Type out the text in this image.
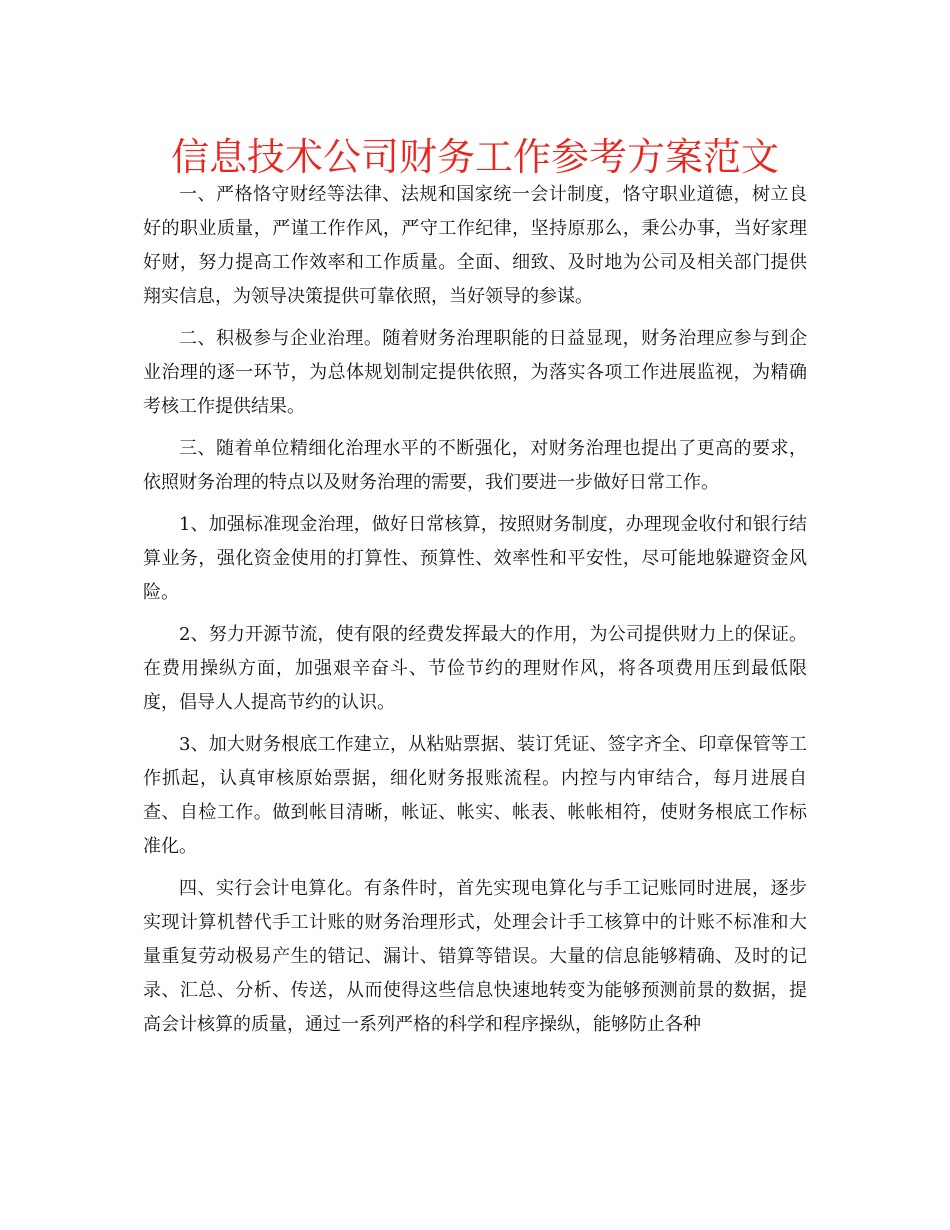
信息技术公司财务工作参考方案范文

一、严格恪守财经等法律、法规和国家统一会计制度，恪守职业道德，树立良好的职业质量，严谨工作作风，严守工作纪律，坚持原那么，秉公办事，当好家理好财，努力提高工作效率和工作质量。全面、细致、及时地为公司及相关部门提供翔实信息，为领导决策提供可靠依照，当好领导的参谋。

二、积极参与企业治理。随着财务治理职能的日益显现，财务治理应参与到企业治理的逐一环节，为总体规划制定提供依照，为落实各项工作进展监视，为精确考核工作提供结果。

三、随着单位精细化治理水平的不断强化，对财务治理也提出了更高的要求，依照财务治理的特点以及财务治理的需要，我们要进一步做好日常工作。

1、加强标准现金治理，做好日常核算，按照财务制度，办理现金收付和银行结算业务，强化资金使用的打算性、预算性、效率性和平安性，尽可能地躲避资金风险。

2、努力开源节流，使有限的经费发挥最大的作用，为公司提供财力上的保证。在费用操纵方面，加强艰辛奋斗、节俭节约的理财作风，将各项费用压到最低限度，倡导人人提高节约的认识。

3、加大财务根底工作建立，从粘贴票据、装订凭证、签字齐全、印章保管等工作抓起，认真审核原始票据，细化财务报账流程。内控与内审结合，每月进展自查、自检工作。做到帐目清晰，帐证、帐实、帐表、帐帐相符，使财务根底工作标准化。

四、实行会计电算化。有条件时，首先实现电算化与手工记账同时进展，逐步实现计算机替代手工计账的财务治理形式，处理会计手工核算中的计账不标准和大量重复劳动极易产生的错记、漏计、错算等错误。大量的信息能够精确、及时的记录、汇总、分析、传送，从而使得这些信息快速地转变为能够预测前景的数据，提高会计核算的质量，通过一系列严格的科学和程序操纵，能够防止各种
